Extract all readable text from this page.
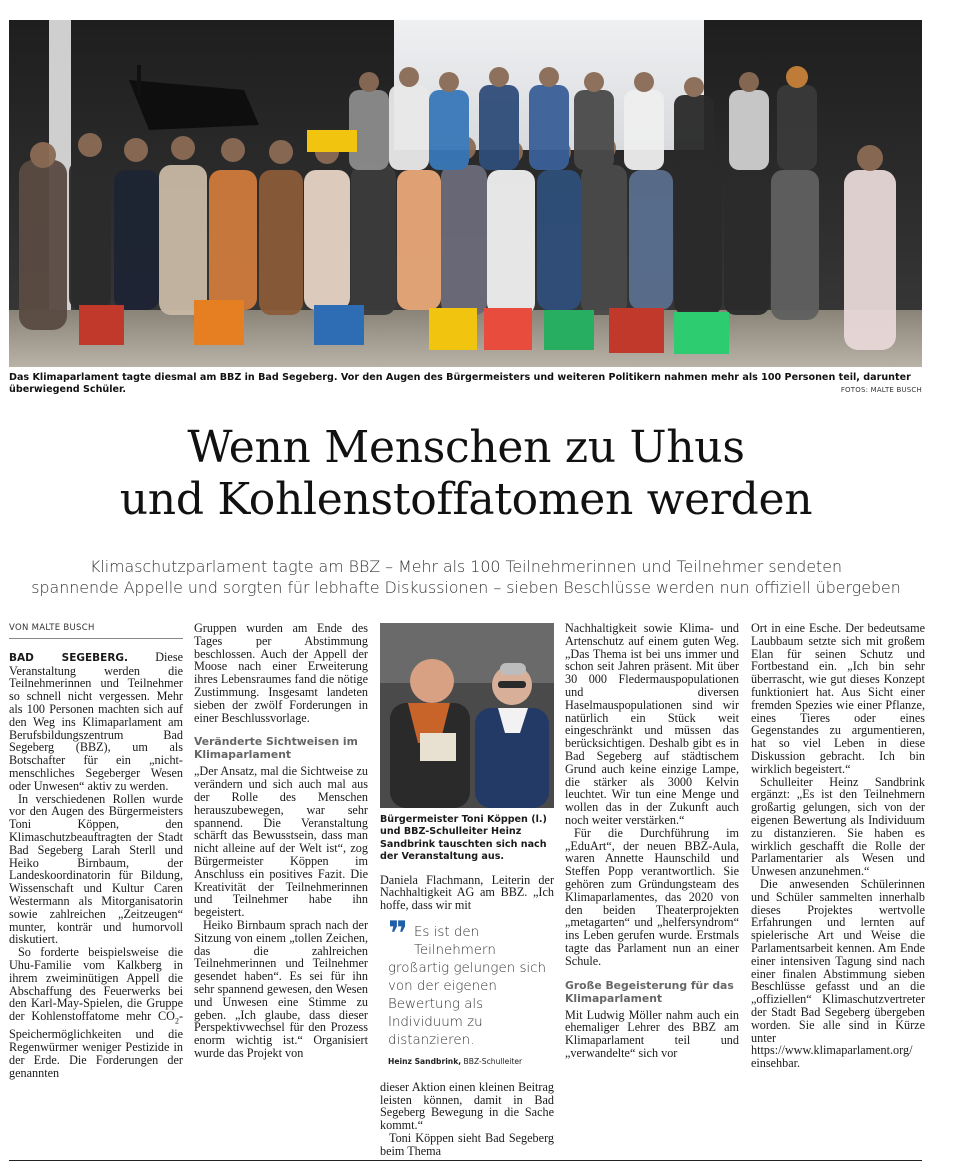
Das Klimaparlament tagte diesmal am BBZ in Bad Segeberg. Vor den Augen des Bürgermeisters und weiteren Politikern nahmen mehr als 100 Personen teil, darunter überwiegend Schüler.	FOTOS: MALTE BUSCH
Wenn Menschen zu Uhus
und Kohlenstoffatomen werden
Klimaschutzparlament tagte am BBZ – Mehr als 100 Teilnehmerinnen und Teilnehmer sendeten
spannende Appelle und sorgten für lebhafte Diskussionen – sieben Beschlüsse werden nun offiziell übergeben
VON MALTE BUSCH

BAD SEGEBERG. Diese Veranstaltung werden die Teilnehmerinnen und Teilnehmer so schnell nicht vergessen. Mehr als 100 Personen machten sich auf den Weg ins Klimaparlament am Berufsbildungszentrum Bad Segeberg (BBZ), um als Botschafter für ein „nicht-menschliches Segeberger Wesen oder Unwesen“ aktiv zu werden.

In verschiedenen Rollen wurde vor den Augen des Bürgermeisters Toni Köppen, den Klimaschutzbeauftragten der Stadt Bad Segeberg Larah Sterll und Heiko Birnbaum, der Landeskoordinatorin für Bildung, Wissenschaft und Kultur Caren Westermann als Mitorganisatorin sowie zahlreichen „Zeitzeugen“ munter, konträr und humorvoll diskutiert.

So forderte beispielsweise die Uhu-Familie vom Kalkberg in ihrem zweiminütigen Appell die Abschaffung des Feuerwerks bei den Karl-May-Spielen, die Gruppe der Kohlenstoffatome mehr $CO_2$-Speichermöglichkeiten und die Regenwürmer weniger Pestizide in der Erde. Die Forderungen der genannten

Gruppen wurden am Ende des Tages per Abstimmung beschlossen. Auch der Appell der Moose nach einer Erweiterung ihres Lebensraumes fand die nötige Zustimmung. Insgesamt landeten sieben der zwölf Forderungen in einer Beschlussvorlage.

Veränderte Sichtweisen im Klimaparlament

„Der Ansatz, mal die Sichtweise zu verändern und sich auch mal aus der Rolle des Menschen herauszubewegen, war sehr spannend. Die Veranstaltung schärft das Bewusstsein, dass man nicht alleine auf der Welt ist“, zog Bürgermeister Köppen im Anschluss ein positives Fazit. Die Kreativität der Teilnehmerinnen und Teilnehmer habe ihn begeistert.

Heiko Birnbaum sprach nach der Sitzung von einem „tollen Zeichen, das die zahlreichen Teilnehmerinnen und Teilnehmer gesendet haben“. Es sei für ihn sehr spannend gewesen, den Wesen und Unwesen eine Stimme zu geben. „Ich glaube, dass dieser Perspektivwechsel für den Prozess enorm wichtig ist.“ Organisiert wurde das Projekt von

Bürgermeister Toni Köppen (l.) und BBZ-Schulleiter Heinz Sandbrink tauschten sich nach der Veranstaltung aus.

Daniela Flachmann, Leiterin der Nachhaltigkeit AG am BBZ. „Ich hoffe, dass wir mit

❞ Es ist den Teilnehmern großartig gelungen sich von der eigenen Bewertung als Individuum zu distanzieren.
Heinz Sandbrink, BBZ-Schulleiter

dieser Aktion einen kleinen Beitrag leisten können, damit in Bad Segeberg Bewegung in die Sache kommt.“

Toni Köppen sieht Bad Segeberg beim Thema

Nachhaltigkeit sowie Klima- und Artenschutz auf einem guten Weg. „Das Thema ist bei uns immer und schon seit Jahren präsent. Mit über 30 000 Fledermauspopulationen und diversen Haselmauspopulationen sind wir natürlich ein Stück weit eingeschränkt und müssen das berücksichtigen. Deshalb gibt es in Bad Segeberg auf städtischem Grund auch keine einzige Lampe, die stärker als 3000 Kelvin leuchtet. Wir tun eine Menge und wollen das in der Zukunft auch noch weiter verstärken.“

Für die Durchführung im „EduArt“, der neuen BBZ-Aula, waren Annette Haunschild und Steffen Popp verantwortlich. Sie gehören zum Gründungsteam des Klimaparlamentes, das 2020 von den beiden Theaterprojekten „metagarten“ und „helfersyndrom“ ins Leben gerufen wurde. Erstmals tagte das Parlament nun an einer Schule.

Große Begeisterung für das Klimaparlament

Mit Ludwig Möller nahm auch ein ehemaliger Lehrer des BBZ am Klimaparlament teil und „verwandelte“ sich vor

Ort in eine Esche. Der bedeutsame Laubbaum setzte sich mit großem Elan für seinen Schutz und Fortbestand ein. „Ich bin sehr überrascht, wie gut dieses Konzept funktioniert hat. Aus Sicht einer fremden Spezies wie einer Pflanze, eines Tieres oder eines Gegenstandes zu argumentieren, hat so viel Leben in diese Diskussion gebracht. Ich bin wirklich begeistert.“

Schulleiter Heinz Sandbrink ergänzt: „Es ist den Teilnehmern großartig gelungen, sich von der eigenen Bewertung als Individuum zu distanzieren. Sie haben es wirklich geschafft die Rolle der Parlamentarier als Wesen und Unwesen anzunehmen.“

Die anwesenden Schülerinnen und Schüler sammelten innerhalb dieses Projektes wertvolle Erfahrungen und lernten auf spielerische Art und Weise die Parlamentsarbeit kennen. Am Ende einer intensiven Tagung sind nach einer finalen Abstimmung sieben Beschlüsse gefasst und an die „offiziellen“ Klimaschutzvertreter der Stadt Bad Segeberg übergeben worden. Sie alle sind in Kürze unter https://www.klimaparlament.org/ einsehbar.
